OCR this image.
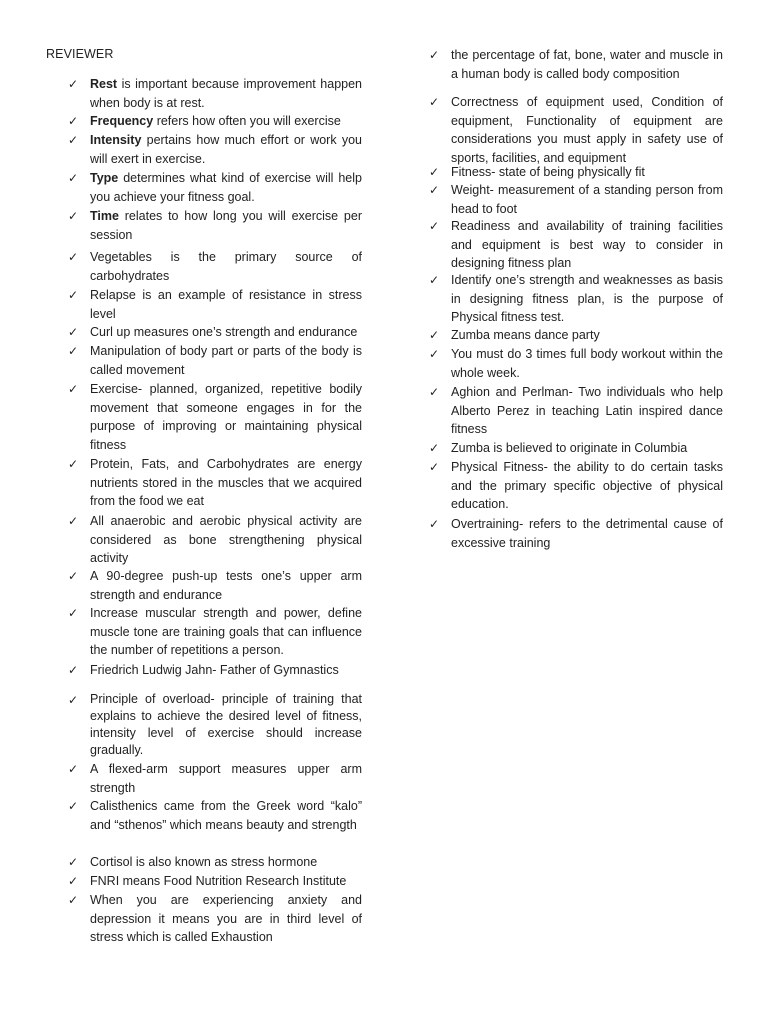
REVIEWER
✓ Rest is important because improvement happen when body is at rest.
✓ Frequency refers how often you will exercise
✓ Intensity pertains how much effort or work you will exert in exercise.
✓ Type determines what kind of exercise will help you achieve your fitness goal.
✓ Time relates to how long you will exercise per session
✓ Vegetables is the primary source of carbohydrates
✓ Relapse is an example of resistance in stress level
✓ Curl up measures one’s strength and endurance
✓ Manipulation of body part or parts of the body is called movement
✓ Exercise- planned, organized, repetitive bodily movement that someone engages in for the purpose of improving or maintaining physical fitness
✓ Protein, Fats, and Carbohydrates are energy nutrients stored in the muscles that we acquired from the food we eat
✓ All anaerobic and aerobic physical activity are considered as bone strengthening physical activity
✓ A 90-degree push-up tests one’s upper arm strength and endurance
✓ Increase muscular strength and power, define muscle tone are training goals that can influence the number of repetitions a person.
✓ Friedrich Ludwig Jahn- Father of Gymnastics
✓ Principle of overload- principle of training that explains to achieve the desired level of fitness, intensity level of exercise should increase gradually.
✓ A flexed-arm support measures upper arm strength
✓ Calisthenics came from the Greek word “kalo” and “sthenos” which means beauty and strength
✓ Cortisol is also known as stress hormone
✓ FNRI means Food Nutrition Research Institute
✓ When you are experiencing anxiety and depression it means you are in third level of stress which is called Exhaustion
✓ the percentage of fat, bone, water and muscle in a human body is called body composition
✓ Correctness of equipment used, Condition of equipment, Functionality of equipment are considerations you must apply in safety use of sports, facilities, and equipment
✓ Fitness- state of being physically fit
✓ Weight- measurement of a standing person from head to foot
✓ Readiness and availability of training facilities and equipment is best way to consider in designing fitness plan
✓ Identify one’s strength and weaknesses as basis in designing fitness plan, is the purpose of Physical fitness test.
✓ Zumba means dance party
✓ You must do 3 times full body workout within the whole week.
✓ Aghion and Perlman- Two individuals who help Alberto Perez in teaching Latin inspired dance fitness
✓ Zumba is believed to originate in Columbia
✓ Physical Fitness- the ability to do certain tasks and the primary specific objective of physical education.
✓ Overtraining- refers to the detrimental cause of excessive training
